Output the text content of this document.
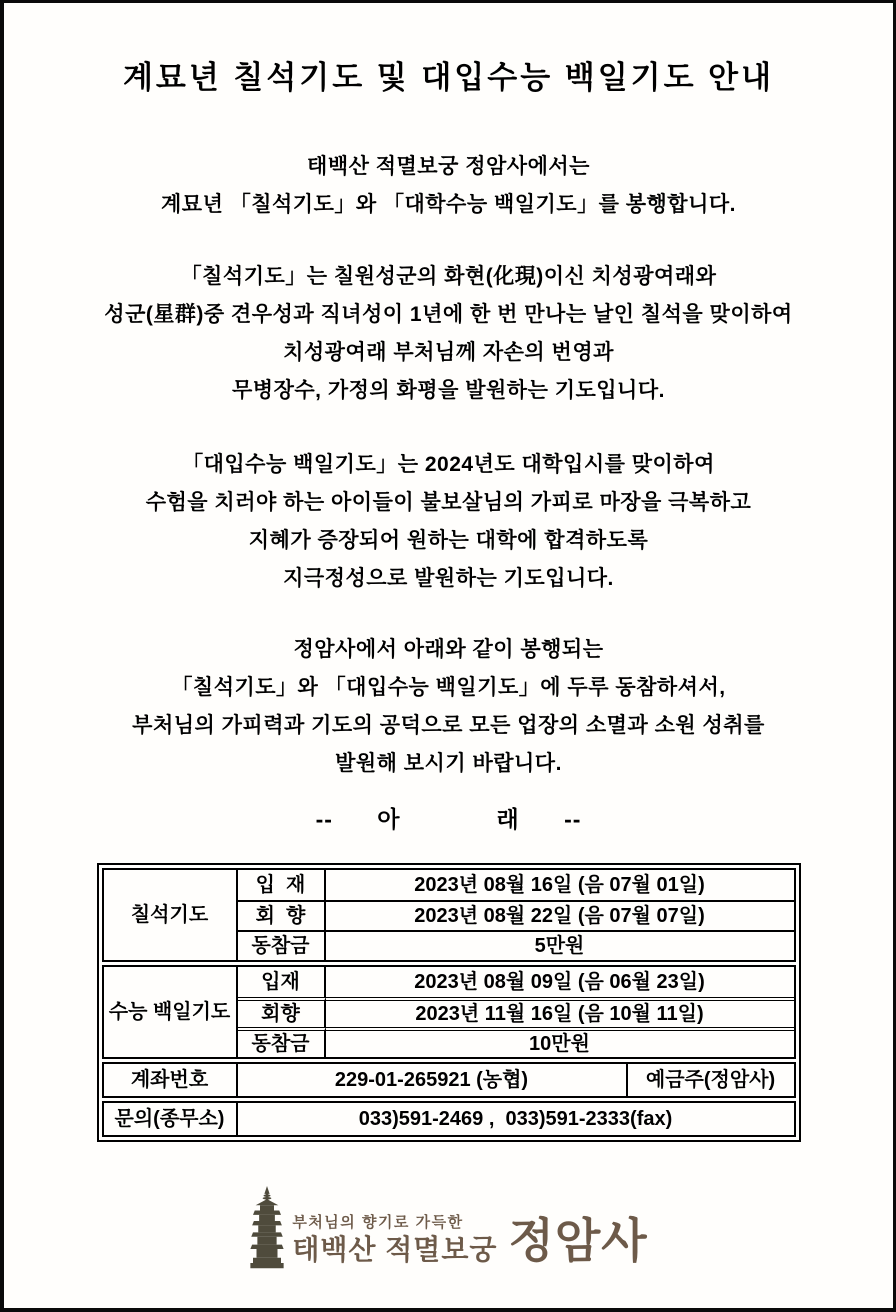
계묘년 칠석기도 및 대입수능 백일기도 안내

태백산 적멸보궁 정암사에서는

계묘년 「칠석기도」와 「대학수능 백일기도」를 봉행합니다.

「칠석기도」는 칠원성군의 화현(化現)이신 치성광여래와

성군(星群)중 견우성과 직녀성이 1년에 한 번 만나는 날인 칠석을 맞이하여

치성광여래 부처님께 자손의 번영과

무병장수, 가정의 화평을 발원하는 기도입니다.

「대입수능 백일기도」는 2024년도 대학입시를 맞이하여

수험을 치러야 하는 아이들이 불보살님의 가피로 마장을 극복하고

지혜가 증장되어 원하는 대학에 합격하도록

지극정성으로 발원하는 기도입니다.

정암사에서 아래와 같이 봉행되는

「칠석기도」와 「대입수능 백일기도」에 두루 동참하셔서,

부처님의 가피력과 기도의 공덕으로 모든 업장의 소멸과 소원 성취를

발원해 보시기 바랍니다.

--      아             래      --
칠석기도
입  재	2023년 08월 16일 (음 07월 01일)
회  향	2023년 08월 22일 (음 07월 07일)
동참금	5만원
수능 백일기도
입재	2023년 08월 09일 (음 06월 23일)
회향	2023년 11월 16일 (음 10월 11일)
동참금	10만원
계좌번호	229-01-265921 (농협)	예금주(정암사)
문의(종무소)	033)591-2469 ,  033)591-2333(fax)
부처님의 향기로 가득한
태백산 적멸보궁 정암사
